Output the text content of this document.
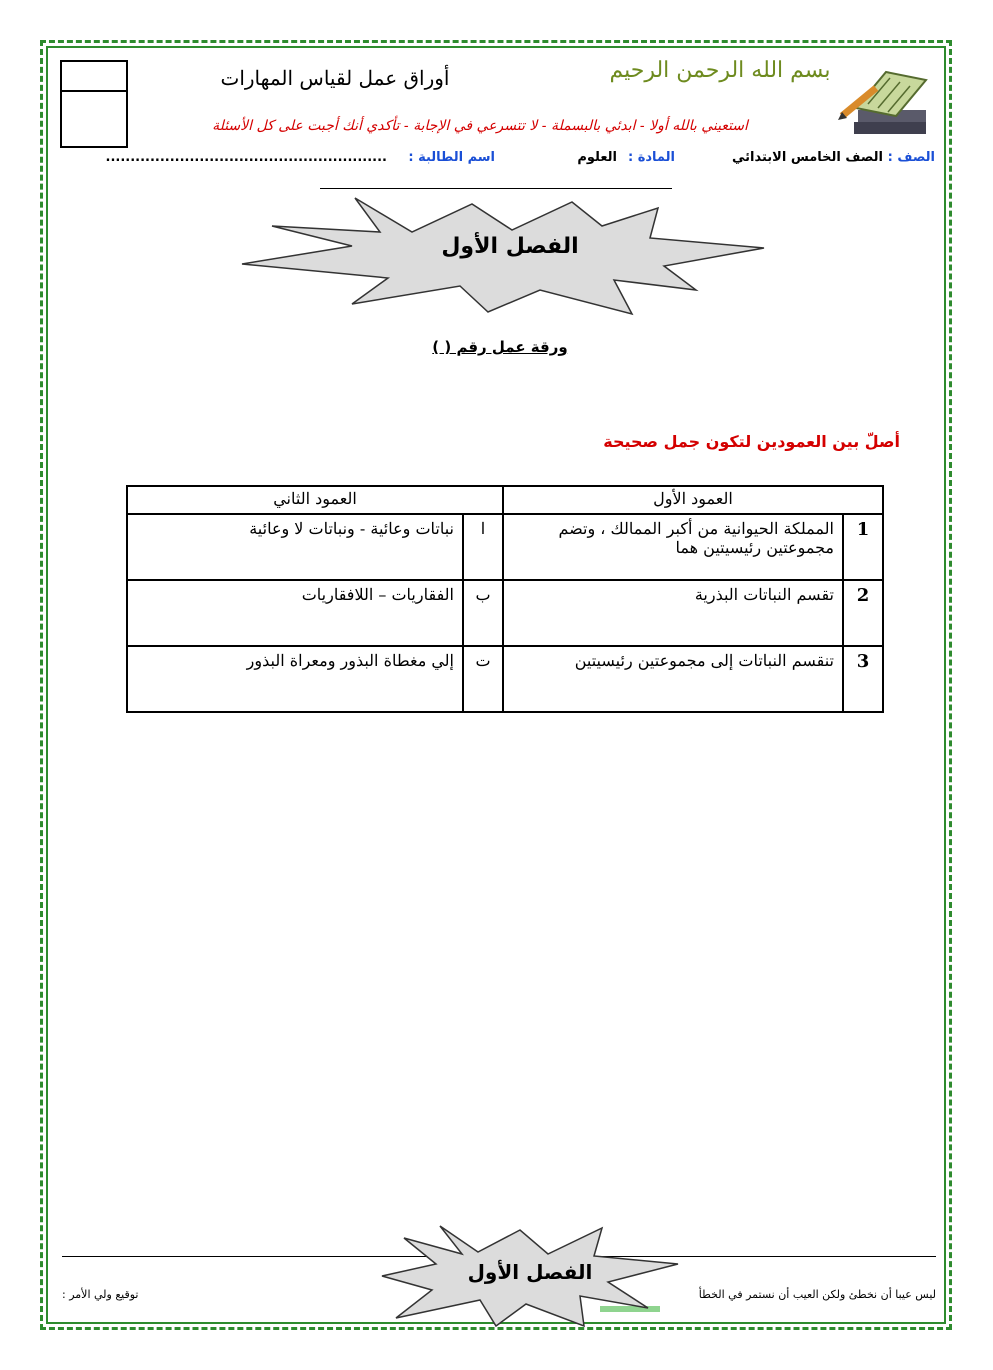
أوراق عمل لقياس المهارات	بسم الله الرحمن الرحيم
استعيني بالله أولا - ابدئي بالبسملة - لا تتسرعي في الإجابة - تأكدي أنك أجبت على كل الأسئلة
الصف :
الصف الخامس الابتدائي
المادة :
العلوم
اسم الطالبة :
.........................................................
الفصل الأول
ورقة عمل رقم ( )
أصلّ بين العمودين لتكون جمل صحيحة
العمود الأول		العمود الثاني	
1	المملكة الحيوانية من أكبر الممالك ، وتضم مجموعتين رئيسيتين هما	ا	نباتات وعائية - ونباتات لا وعائية
2	تقسم النباتات البذرية	ب	الفقاريات – اللافقاريات
3	تنقسم النباتات إلى مجموعتين رئيسيتين	ت	إلي مغطاة البذور ومعراة البذور
ليس عيبا أن نخطئ ولكن العيب أن نستمر في الخطأ
توقيع ولي الأمر :
الفصل الأول
